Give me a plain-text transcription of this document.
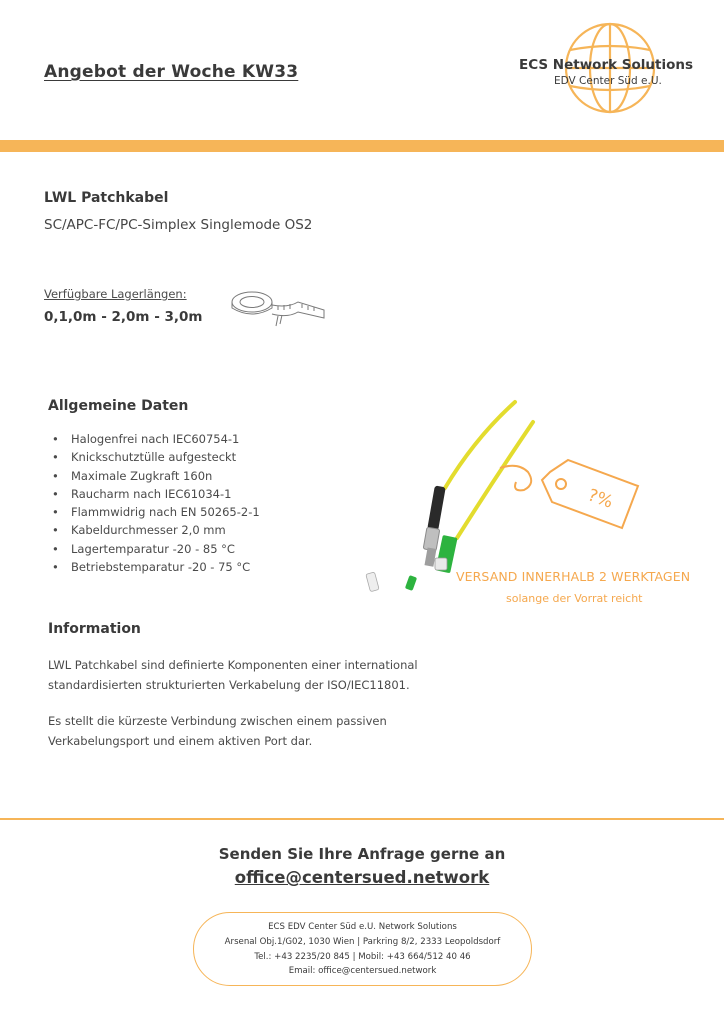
Angebot der Woche KW33	ECS Network Solutions
EDV Center Süd e.U.
LWL Patchkabel
SC/APC-FC/PC-Simplex Singlemode OS2
Verfügbare Lagerlängen:
0,1,0m - 2,0m - 3,0m
Allgemeine Daten
• Halogenfrei nach IEC60754-1
• Knickschutztülle aufgesteckt
• Maximale Zugkraft 160n
• Raucharm nach IEC61034-1
• Flammwidrig nach EN 50265-2-1
• Kabeldurchmesser 2,0 mm
• Lagertemparatur -20 - 85 °C
• Betriebstemparatur -20 - 75 °C
?%
VERSAND INNERHALB 2 WERKTAGEN
solange der Vorrat reicht
Information
LWL Patchkabel sind definierte Komponenten einer international
standardisierten strukturierten Verkabelung der ISO/IEC11801.
Es stellt die kürzeste Verbindung zwischen einem passiven
Verkabelungsport und einem aktiven Port dar.
Senden Sie Ihre Anfrage gerne an
office@centersued.network
ECS EDV Center Süd e.U. Network Solutions
Arsenal Obj.1/G02, 1030 Wien | Parkring 8/2, 2333 Leopoldsdorf
Tel.: +43 2235/20 845 | Mobil: +43 664/512 40 46
Email: office@centersued.network
